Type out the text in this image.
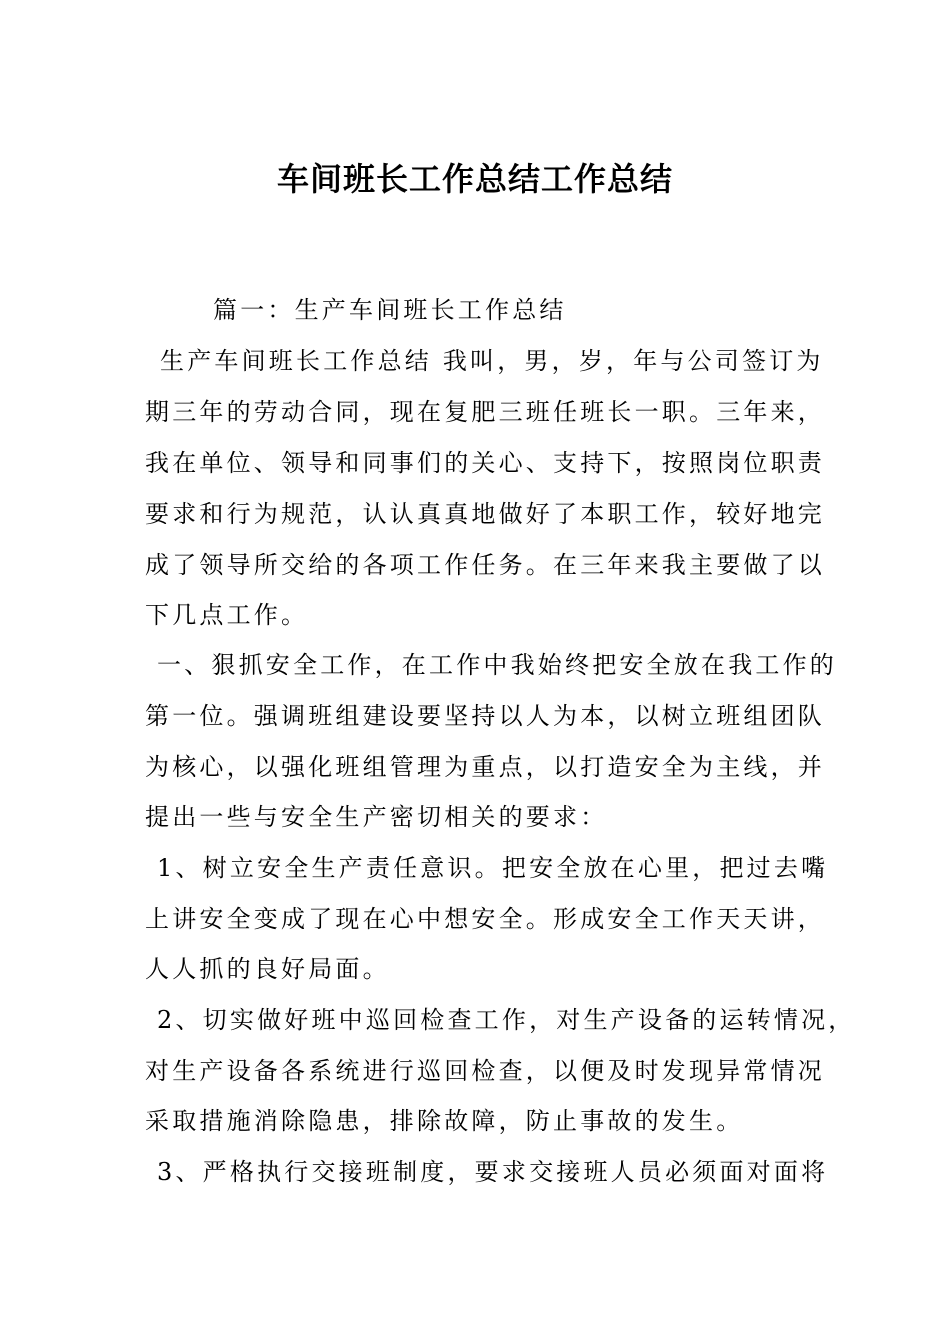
车间班长工作总结工作总结
篇一：生产车间班长工作总结
生产车间班长工作总结 我叫，男，岁，年与公司签订为
期三年的劳动合同，现在复肥三班任班长一职。三年来，
我在单位、领导和同事们的关心、支持下，按照岗位职责
要求和行为规范，认认真真地做好了本职工作，较好地完
成了领导所交给的各项工作任务。在三年来我主要做了以
下几点工作。
一、狠抓安全工作，在工作中我始终把安全放在我工作的
第一位。强调班组建设要坚持以人为本，以树立班组团队
为核心，以强化班组管理为重点，以打造安全为主线，并
提出一些与安全生产密切相关的要求：
1、树立安全生产责任意识。把安全放在心里，把过去嘴
上讲安全变成了现在心中想安全。形成安全工作天天讲，
人人抓的良好局面。
2、切实做好班中巡回检查工作，对生产设备的运转情况，
对生产设备各系统进行巡回检查，以便及时发现异常情况
采取措施消除隐患，排除故障，防止事故的发生。
3、严格执行交接班制度，要求交接班人员必须面对面将
